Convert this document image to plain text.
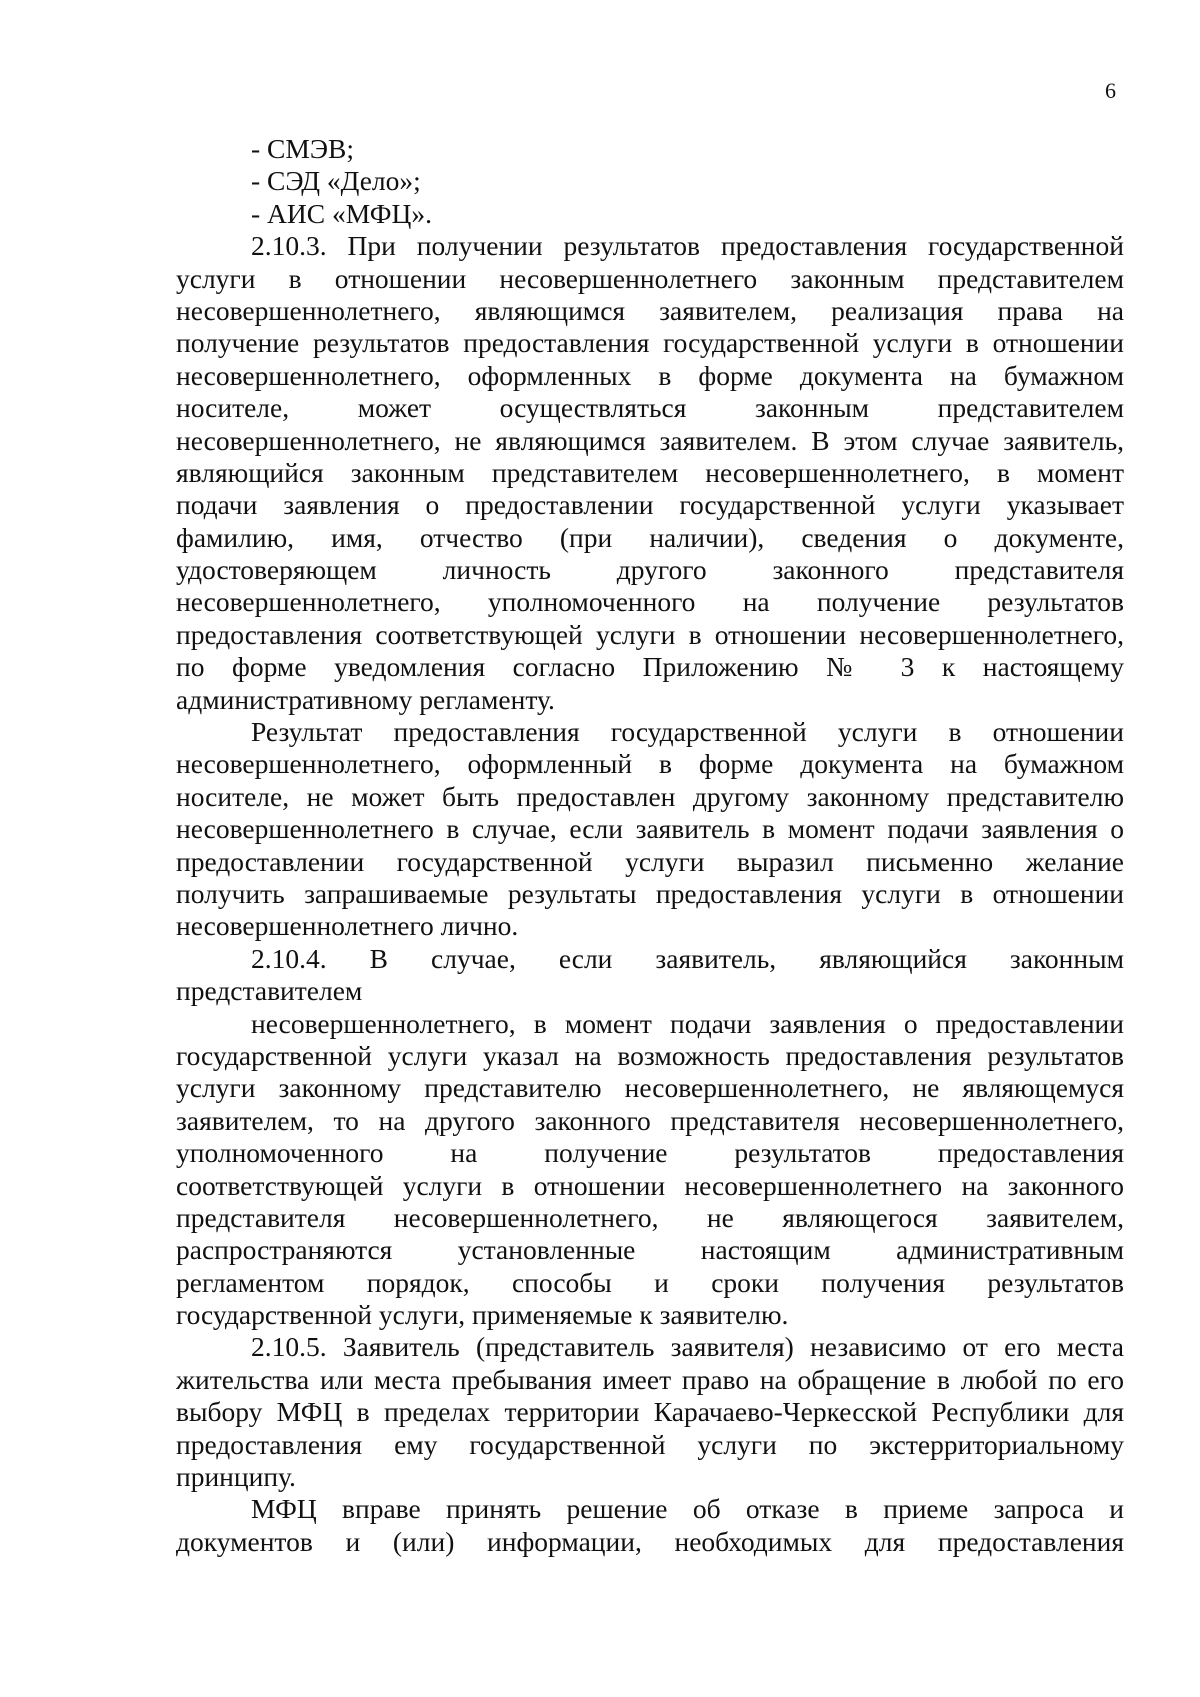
6
- СМЭВ;
- СЭД «Дело»;
- АИС «МФЦ».
2.10.3. При получении результатов предоставления государственной
услуги в отношении несовершеннолетнего законным представителем
несовершеннолетнего, являющимся заявителем, реализация права на
получение результатов предоставления государственной услуги в отношении
несовершеннолетнего, оформленных в форме документа на бумажном
носителе, может осуществляться законным представителем
несовершеннолетнего, не являющимся заявителем. В этом случае заявитель,
являющийся законным представителем несовершеннолетнего, в момент
подачи заявления о предоставлении государственной услуги указывает
фамилию, имя, отчество (при наличии), сведения о документе,
удостоверяющем личность другого законного представителя
несовершеннолетнего, уполномоченного на получение результатов
предоставления соответствующей услуги в отношении несовершеннолетнего,
по форме уведомления согласно Приложению № 3 к настоящему
административному регламенту.
Результат предоставления государственной услуги в отношении
несовершеннолетнего, оформленный в форме документа на бумажном
носителе, не может быть предоставлен другому законному представителю
несовершеннолетнего в случае, если заявитель в момент подачи заявления о
предоставлении государственной услуги выразил письменно желание
получить запрашиваемые результаты предоставления услуги в отношении
несовершеннолетнего лично.
2.10.4. В случае, если заявитель, являющийся законным
представителем
несовершеннолетнего, в момент подачи заявления о предоставлении
государственной услуги указал на возможность предоставления результатов
услуги законному представителю несовершеннолетнего, не являющемуся
заявителем, то на другого законного представителя несовершеннолетнего,
уполномоченного на получение результатов предоставления
соответствующей услуги в отношении несовершеннолетнего на законного
представителя несовершеннолетнего, не являющегося заявителем,
распространяются установленные настоящим административным
регламентом порядок, способы и сроки получения результатов
государственной услуги, применяемые к заявителю.
2.10.5. Заявитель (представитель заявителя) независимо от его места
жительства или места пребывания имеет право на обращение в любой по его
выбору МФЦ в пределах территории Карачаево-Черкесской Республики для
предоставления ему государственной услуги по экстерриториальному
принципу.
МФЦ вправе принять решение об отказе в приеме запроса и
документов и (или) информации, необходимых для предоставления
